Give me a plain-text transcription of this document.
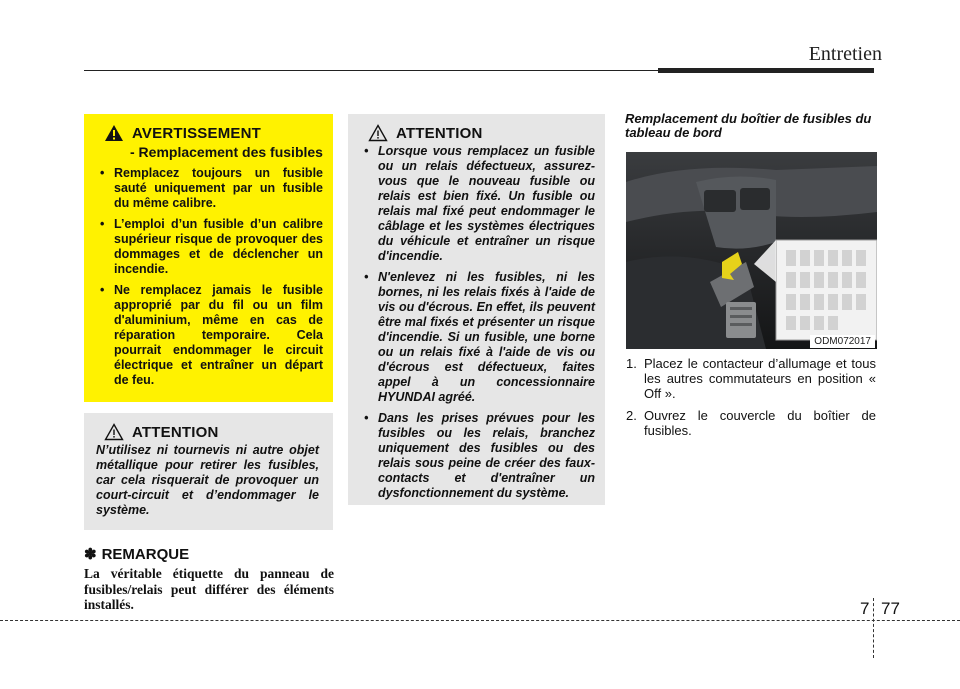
Entretien
AVERTISSEMENT
- Remplacement des fusibles
• Remplacez toujours un fusible sauté uniquement par un fusible du même calibre.
• L’emploi d’un fusible d’un calibre supérieur risque de provoquer des dommages et de déclencher un incendie.
• Ne remplacez jamais le fusible approprié par du fil ou un film d'aluminium, même en cas de réparation temporaire. Cela pourrait endommager le circuit électrique et entraîner un départ de feu.
ATTENTION

N’utilisez ni tournevis ni autre objet métallique pour retirer les fusibles, car cela risquerait de provoquer un court-circuit et d’endommager le système.

ATTENTION
• Lorsque vous remplacez un fusible ou un relais défectueux, assurez-vous que le nouveau fusible ou relais est bien fixé. Un fusible ou relais mal fixé peut endommager le câblage et les systèmes électriques du véhicule et entraîner un risque d'incendie.
• N'enlevez ni les fusibles, ni les bornes, ni les relais fixés à l'aide de vis ou d'écrous. En effet, ils peuvent être mal fixés et présenter un risque d'incendie. Si un fusible, une borne ou un relais fixé à l'aide de vis ou d'écrous est défectueux, faites appel à un concessionnaire HYUNDAI agréé.
• Dans les prises prévues pour les fusibles ou les relais, branchez uniquement des fusibles ou des relais sous peine de créer des faux-contacts et d'entraîner un dysfonctionnement du système.
✽ REMARQUE

La véritable étiquette du panneau de fusibles/relais peut différer des éléments installés.

Remplacement du boîtier de fusibles du tableau de bord
ODM072017
1. Placez le contacteur d’allumage et tous les autres commutateurs en position « Off ».
2. Ouvrez le couvercle du boîtier de fusibles.
7 77
